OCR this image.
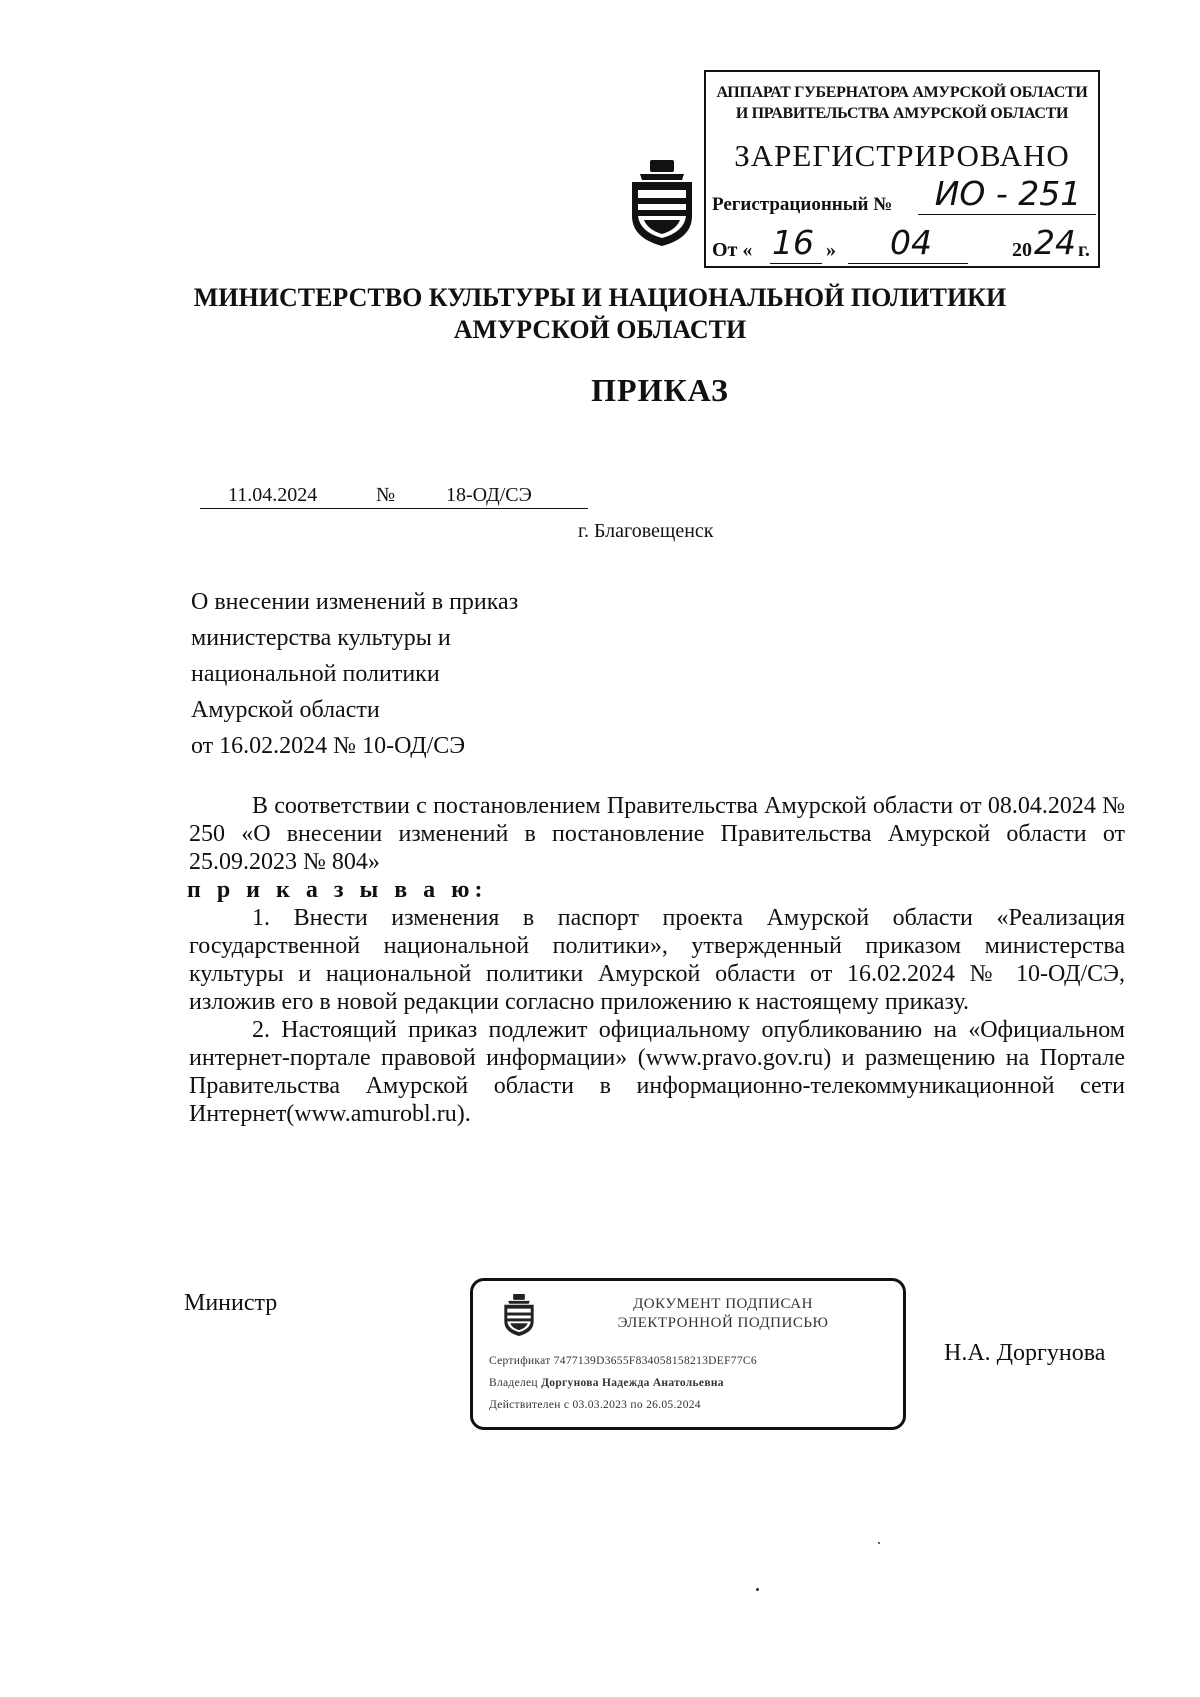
АППАРАТ ГУБЕРНАТОРА АМУРСКОЙ ОБЛАСТИ
И ПРАВИТЕЛЬСТВА АМУРСКОЙ ОБЛАСТИ
ЗАРЕГИСТРИРОВАНО
Регистрационный №	ИО - 251
От « 16 » 04	20 24 г.
МИНИСТЕРСТВО КУЛЬТУРЫ И НАЦИОНАЛЬНОЙ ПОЛИТИКИ
АМУРСКОЙ ОБЛАСТИ
ПРИКАЗ
11.04.2024	№	18-ОД/СЭ
г. Благовещенск
О внесении изменений в приказ
министерства культуры и
национальной политики
Амурской области
от 16.02.2024 № 10-ОД/СЭ

В соответствии с постановлением Правительства Амурской области от 08.04.2024 № 250 «О внесении изменений в постановление Правительства Амурской области от 25.09.2023 № 804»

п р и к а з ы в а ю:

1. Внести изменения в паспорт проекта Амурской области «Реализация государственной национальной политики», утвержденный приказом министерства культуры и национальной политики Амурской области от 16.02.2024 № 10-ОД/СЭ, изложив его в новой редакции согласно приложению к настоящему приказу.

2. Настоящий приказ подлежит официальному опубликованию на «Официальном интернет-портале правовой информации» (www.pravo.gov.ru) и размещению на Портале Правительства Амурской области в информационно-телекоммуникационной сети Интернет(www.amurobl.ru).

Министр
Н.А. Доргунова
ДОКУМЕНТ ПОДПИСАН
ЭЛЕКТРОННОЙ ПОДПИСЬЮ
Сертификат 7477139D3655F834058158213DEF77C6
Владелец Доргунова Надежда Анатольевна
Действителен с 03.03.2023 по 26.05.2024
